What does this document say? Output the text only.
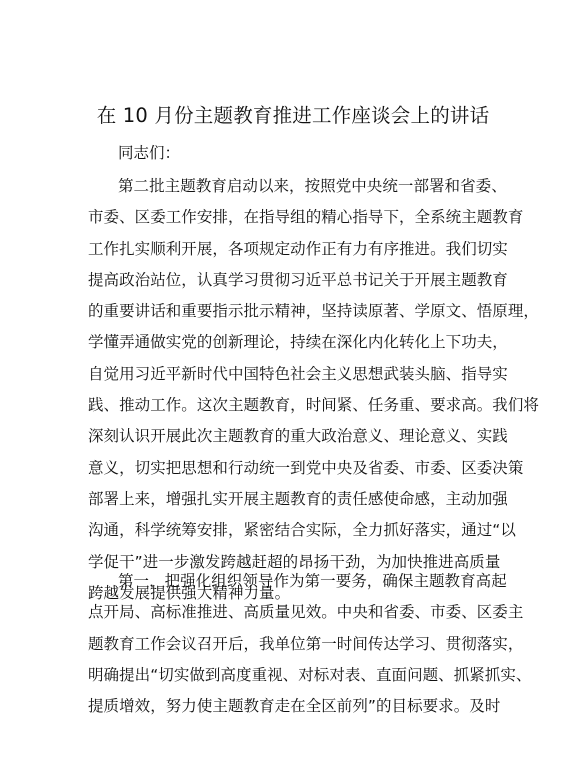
在 10 月份主题教育推进工作座谈会上的讲话
同志们：
第二批主题教育启动以来，按照党中央统一部署和省委、
市委、区委工作安排，在指导组的精心指导下，全系统主题教育
工作扎实顺利开展，各项规定动作正有力有序推进。我们切实
提高政治站位，认真学习贯彻习近平总书记关于开展主题教育
的重要讲话和重要指示批示精神，坚持读原著、学原文、悟原理，
学懂弄通做实党的创新理论，持续在深化内化转化上下功夫，
自觉用习近平新时代中国特色社会主义思想武装头脑、指导实
践、推动工作。这次主题教育，时间紧、任务重、要求高。我们将
深刻认识开展此次主题教育的重大政治意义、理论意义、实践
意义，切实把思想和行动统一到党中央及省委、市委、区委决策
部署上来，增强扎实开展主题教育的责任感使命感，主动加强
沟通，科学统筹安排，紧密结合实际，全力抓好落实，通过“以
学促干”进一步激发跨越赶超的昂扬干劲，为加快推进高质量
跨越发展提供强大精神力量。
第一，把强化组织领导作为第一要务，确保主题教育高起
点开局、高标准推进、高质量见效。中央和省委、市委、区委主
题教育工作会议召开后，我单位第一时间传达学习、贯彻落实，
明确提出“切实做到高度重视、对标对表、直面问题、抓紧抓实、
提质增效，努力使主题教育走在全区前列”的目标要求。及时
